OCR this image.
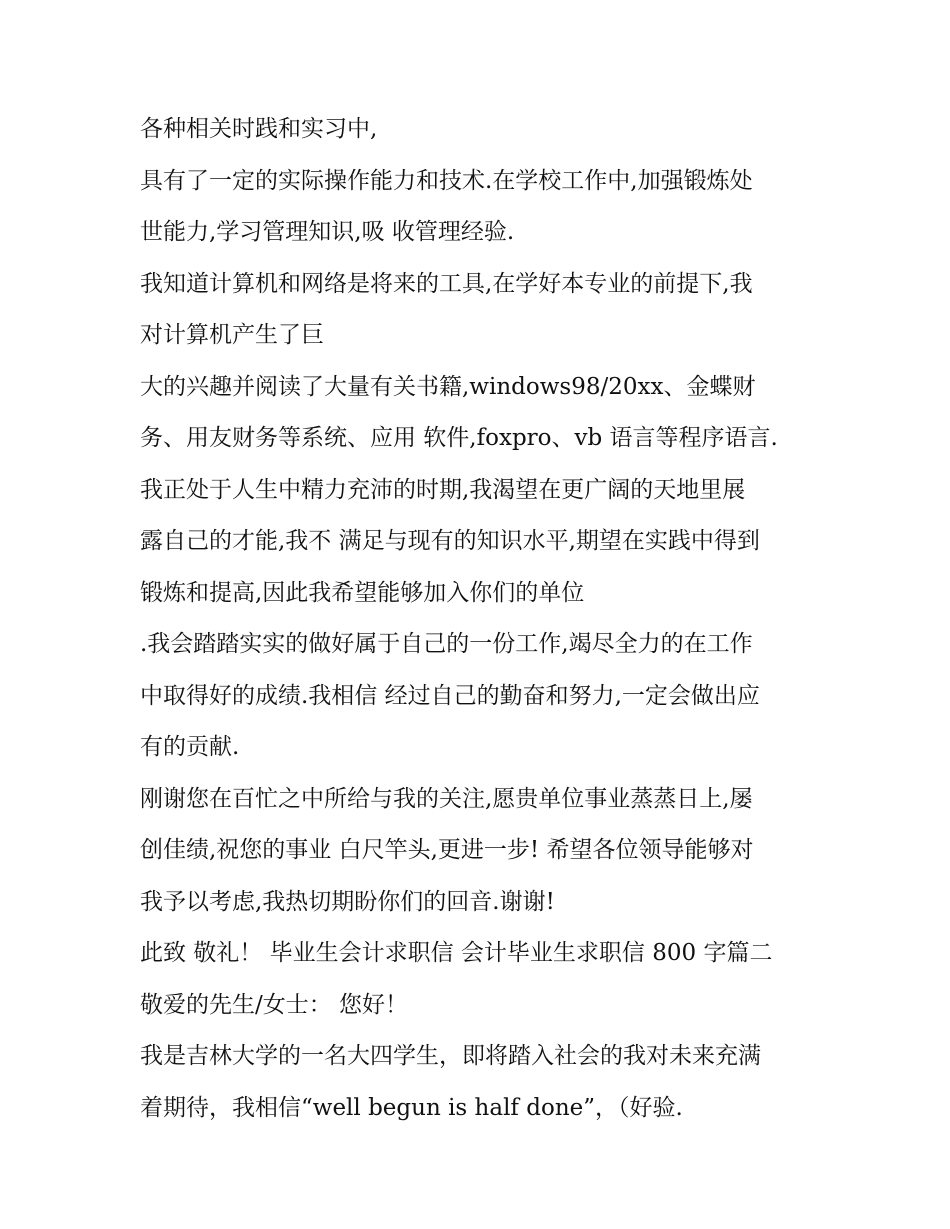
各种相关时践和实习中,

具有了一定的实际操作能力和技术.在学校工作中,加强锻炼处

世能力,学习管理知识,吸 收管理经验.

我知道计算机和网络是将来的工具,在学好本专业的前提下,我

对计算机产生了巨

大的兴趣并阅读了大量有关书籍,windows98/20xx、金蝶财

务、用友财务等系统、应用 软件,foxpro、vb 语言等程序语言.

我正处于人生中精力充沛的时期,我渴望在更广阔的天地里展

露自己的才能,我不 满足与现有的知识水平,期望在实践中得到

锻炼和提高,因此我希望能够加入你们的单位

.我会踏踏实实的做好属于自己的一份工作,竭尽全力的在工作

中取得好的成绩.我相信 经过自己的勤奋和努力,一定会做出应

有的贡献.

刚谢您在百忙之中所给与我的关注,愿贵单位事业蒸蒸日上,屡

创佳绩,祝您的事业 白尺竿头,更进一步! 希望各位领导能够对

我予以考虑,我热切期盼你们的回音.谢谢!

此致 敬礼！ 毕业生会计求职信 会计毕业生求职信 800 字篇二

敬爱的先生/女士： 您好！

我是吉林大学的一名大四学生，即将踏入社会的我对未来充满

着期待，我相信“well begun is half done”，（好验.
